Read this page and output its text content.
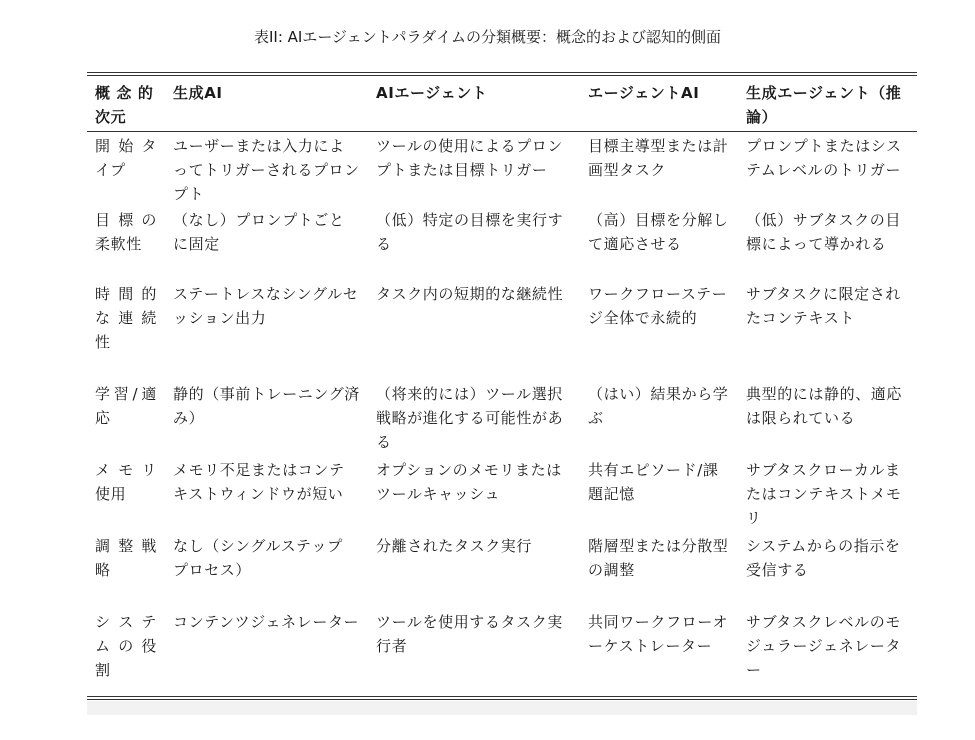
表II: AIエージェントパラダイムの分類概要：概念的および認知的側面
概 念 的 次元	生成AI	AIエージェント	エージェントAI	生成エージェント（推論）
開 始 タ イプ	ユーザーまたは入力によってトリガーされるプロンプト	ツールの使用によるプロンプトまたは目標トリガー	目標主導型または計画型タスク	プロンプトまたはシステムレベルのトリガー
目 標 の 柔軟性	（なし）プロンプトごとに固定	（低）特定の目標を実行する	（高）目標を分解して適応させる	（低）サブタスクの目標によって導かれる
時 間 的 な 連 続 性	ステートレスなシングルセッション出力	タスク内の短期的な継続性	ワークフローステージ全体で永続的	サブタスクに限定されたコンテキスト
学習/適応	静的（事前トレーニング済み）	（将来的には）ツール選択戦略が進化する可能性がある	（はい）結果から学ぶ	典型的には静的、適応は限られている
メ モ リ 使用	メモリ不足またはコンテキストウィンドウが短い	オプションのメモリまたはツールキャッシュ	共有エピソード/課題記憶	サブタスクローカルまたはコンテキストメモリ
調 整 戦 略	なし（シングルステップ プロセス）	分離されたタスク実行	階層型または分散型の調整	システムからの指示を受信する
シ ス テ ム の 役 割	コンテンツジェネレーター	ツールを使用するタスク実行者	共同ワークフローオーケストレーター	サブタスクレベルのモジュラージェネレーター
